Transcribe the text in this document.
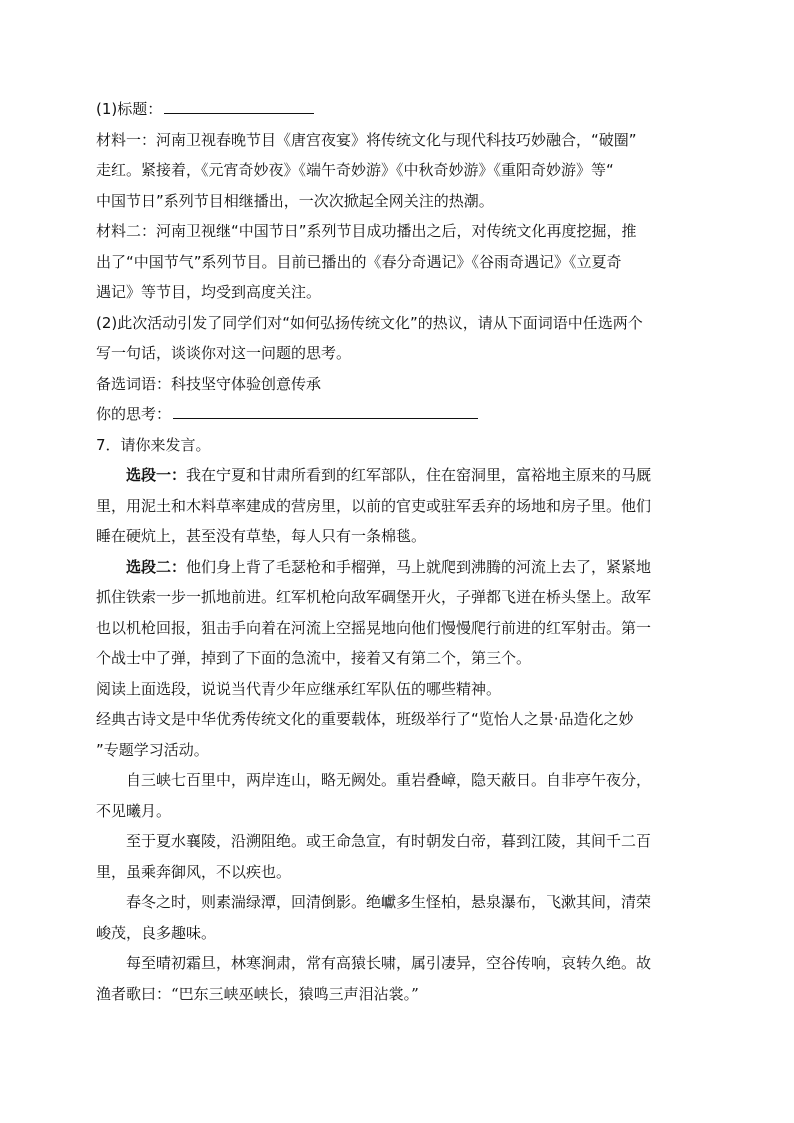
(1)标题：
材料一：河南卫视春晚节目《唐宫夜宴》将传统文化与现代科技巧妙融合，“破圈”
走红。紧接着，《元宵奇妙夜》《端午奇妙游》《中秋奇妙游》《重阳奇妙游》等“
中国节日”系列节目相继播出，一次次掀起全网关注的热潮。
材料二：河南卫视继“中国节日”系列节目成功播出之后，对传统文化再度挖掘，推
出了“中国节气”系列节目。目前已播出的《春分奇遇记》《谷雨奇遇记》《立夏奇
遇记》等节目，均受到高度关注。
(2)此次活动引发了同学们对“如何弘扬传统文化”的热议，请从下面词语中任选两个
写一句话，谈谈你对这一问题的思考。
备选词语：科技坚守体验创意传承
你的思考：
7．请你来发言。
选段一：我在宁夏和甘肃所看到的红军部队，住在窑洞里，富裕地主原来的马厩
里，用泥土和木料草率建成的营房里，以前的官吏或驻军丢弃的场地和房子里。他们
睡在硬炕上，甚至没有草垫，每人只有一条棉毯。
选段二：他们身上背了毛瑟枪和手榴弹，马上就爬到沸腾的河流上去了，紧紧地
抓住铁索一步一抓地前进。红军机枪向敌军碉堡开火，子弹都飞迸在桥头堡上。敌军
也以机枪回报，狙击手向着在河流上空摇晃地向他们慢慢爬行前进的红军射击。第一
个战士中了弹，掉到了下面的急流中，接着又有第二个，第三个。
阅读上面选段，说说当代青少年应继承红军队伍的哪些精神。
经典古诗文是中华优秀传统文化的重要载体，班级举行了“览怡人之景·品造化之妙
”专题学习活动。
自三峡七百里中，两岸连山，略无阙处。重岩叠嶂，隐天蔽日。自非亭午夜分，
不见曦月。
至于夏水襄陵，沿溯阻绝。或王命急宣，有时朝发白帝，暮到江陵，其间千二百
里，虽乘奔御风，不以疾也。
春冬之时，则素湍绿潭，回清倒影。绝巘多生怪柏，悬泉瀑布，飞漱其间，清荣
峻茂，良多趣味。
每至晴初霜旦，林寒涧肃，常有高猿长啸，属引凄异，空谷传响，哀转久绝。故
渔者歌曰：“巴东三峡巫峡长，猿鸣三声泪沾裳。”
